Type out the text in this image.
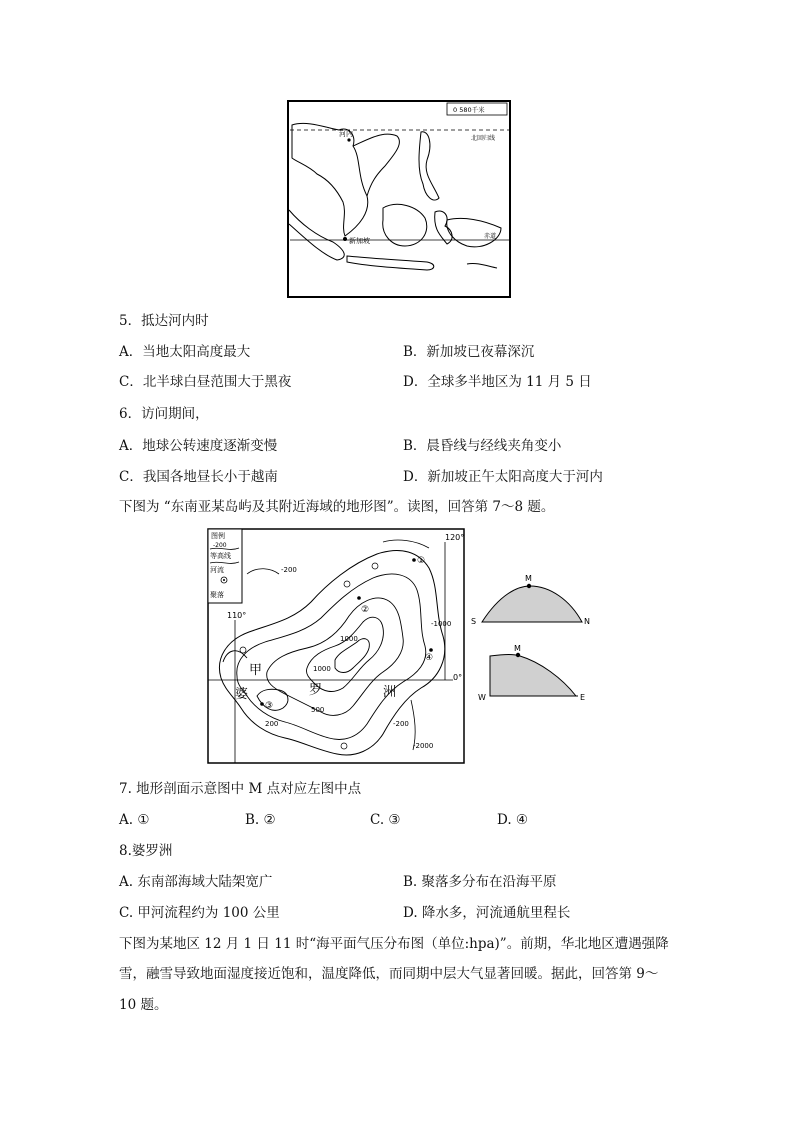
0 580千米
北回归线
赤道
河内
新加坡
5．抵达河内时
A．当地太阳高度最大	B．新加坡已夜幕深沉
C．北半球白昼范围大于黑夜	D．全球多半地区为 11 月 5 日
6．访问期间，
A．地球公转速度逐渐变慢	B．晨昏线与经线夹角变小
C．我国各地昼长小于越南	D．新加坡正午太阳高度大于河内
下图为 “东南亚某岛屿及其附近海域的地形图”。读图，回答第 7～8 题。
图例
-200
等高线
河流
聚落
110°
120°
0°
-200
-1000
1000
1000
500
200	-200
-2000
甲
婆	罗	洲
①
②
③
④
M
S	N
M
W	E
7. 地形剖面示意图中 M 点对应左图中点
A. ①	B. ②	C. ③	D. ④
8.婆罗洲
A. 东南部海域大陆架宽广	B. 聚落多分布在沿海平原
C. 甲河流程约为 100 公里	D. 降水多，河流通航里程长
下图为某地区 12 月 1 日 11 时“海平面气压分布图（单位:hpa)”。前期，华北地区遭遇强降
雪，融雪导致地面湿度接近饱和，温度降低，而同期中层大气显著回暖。据此，回答第 9～
10 题。
